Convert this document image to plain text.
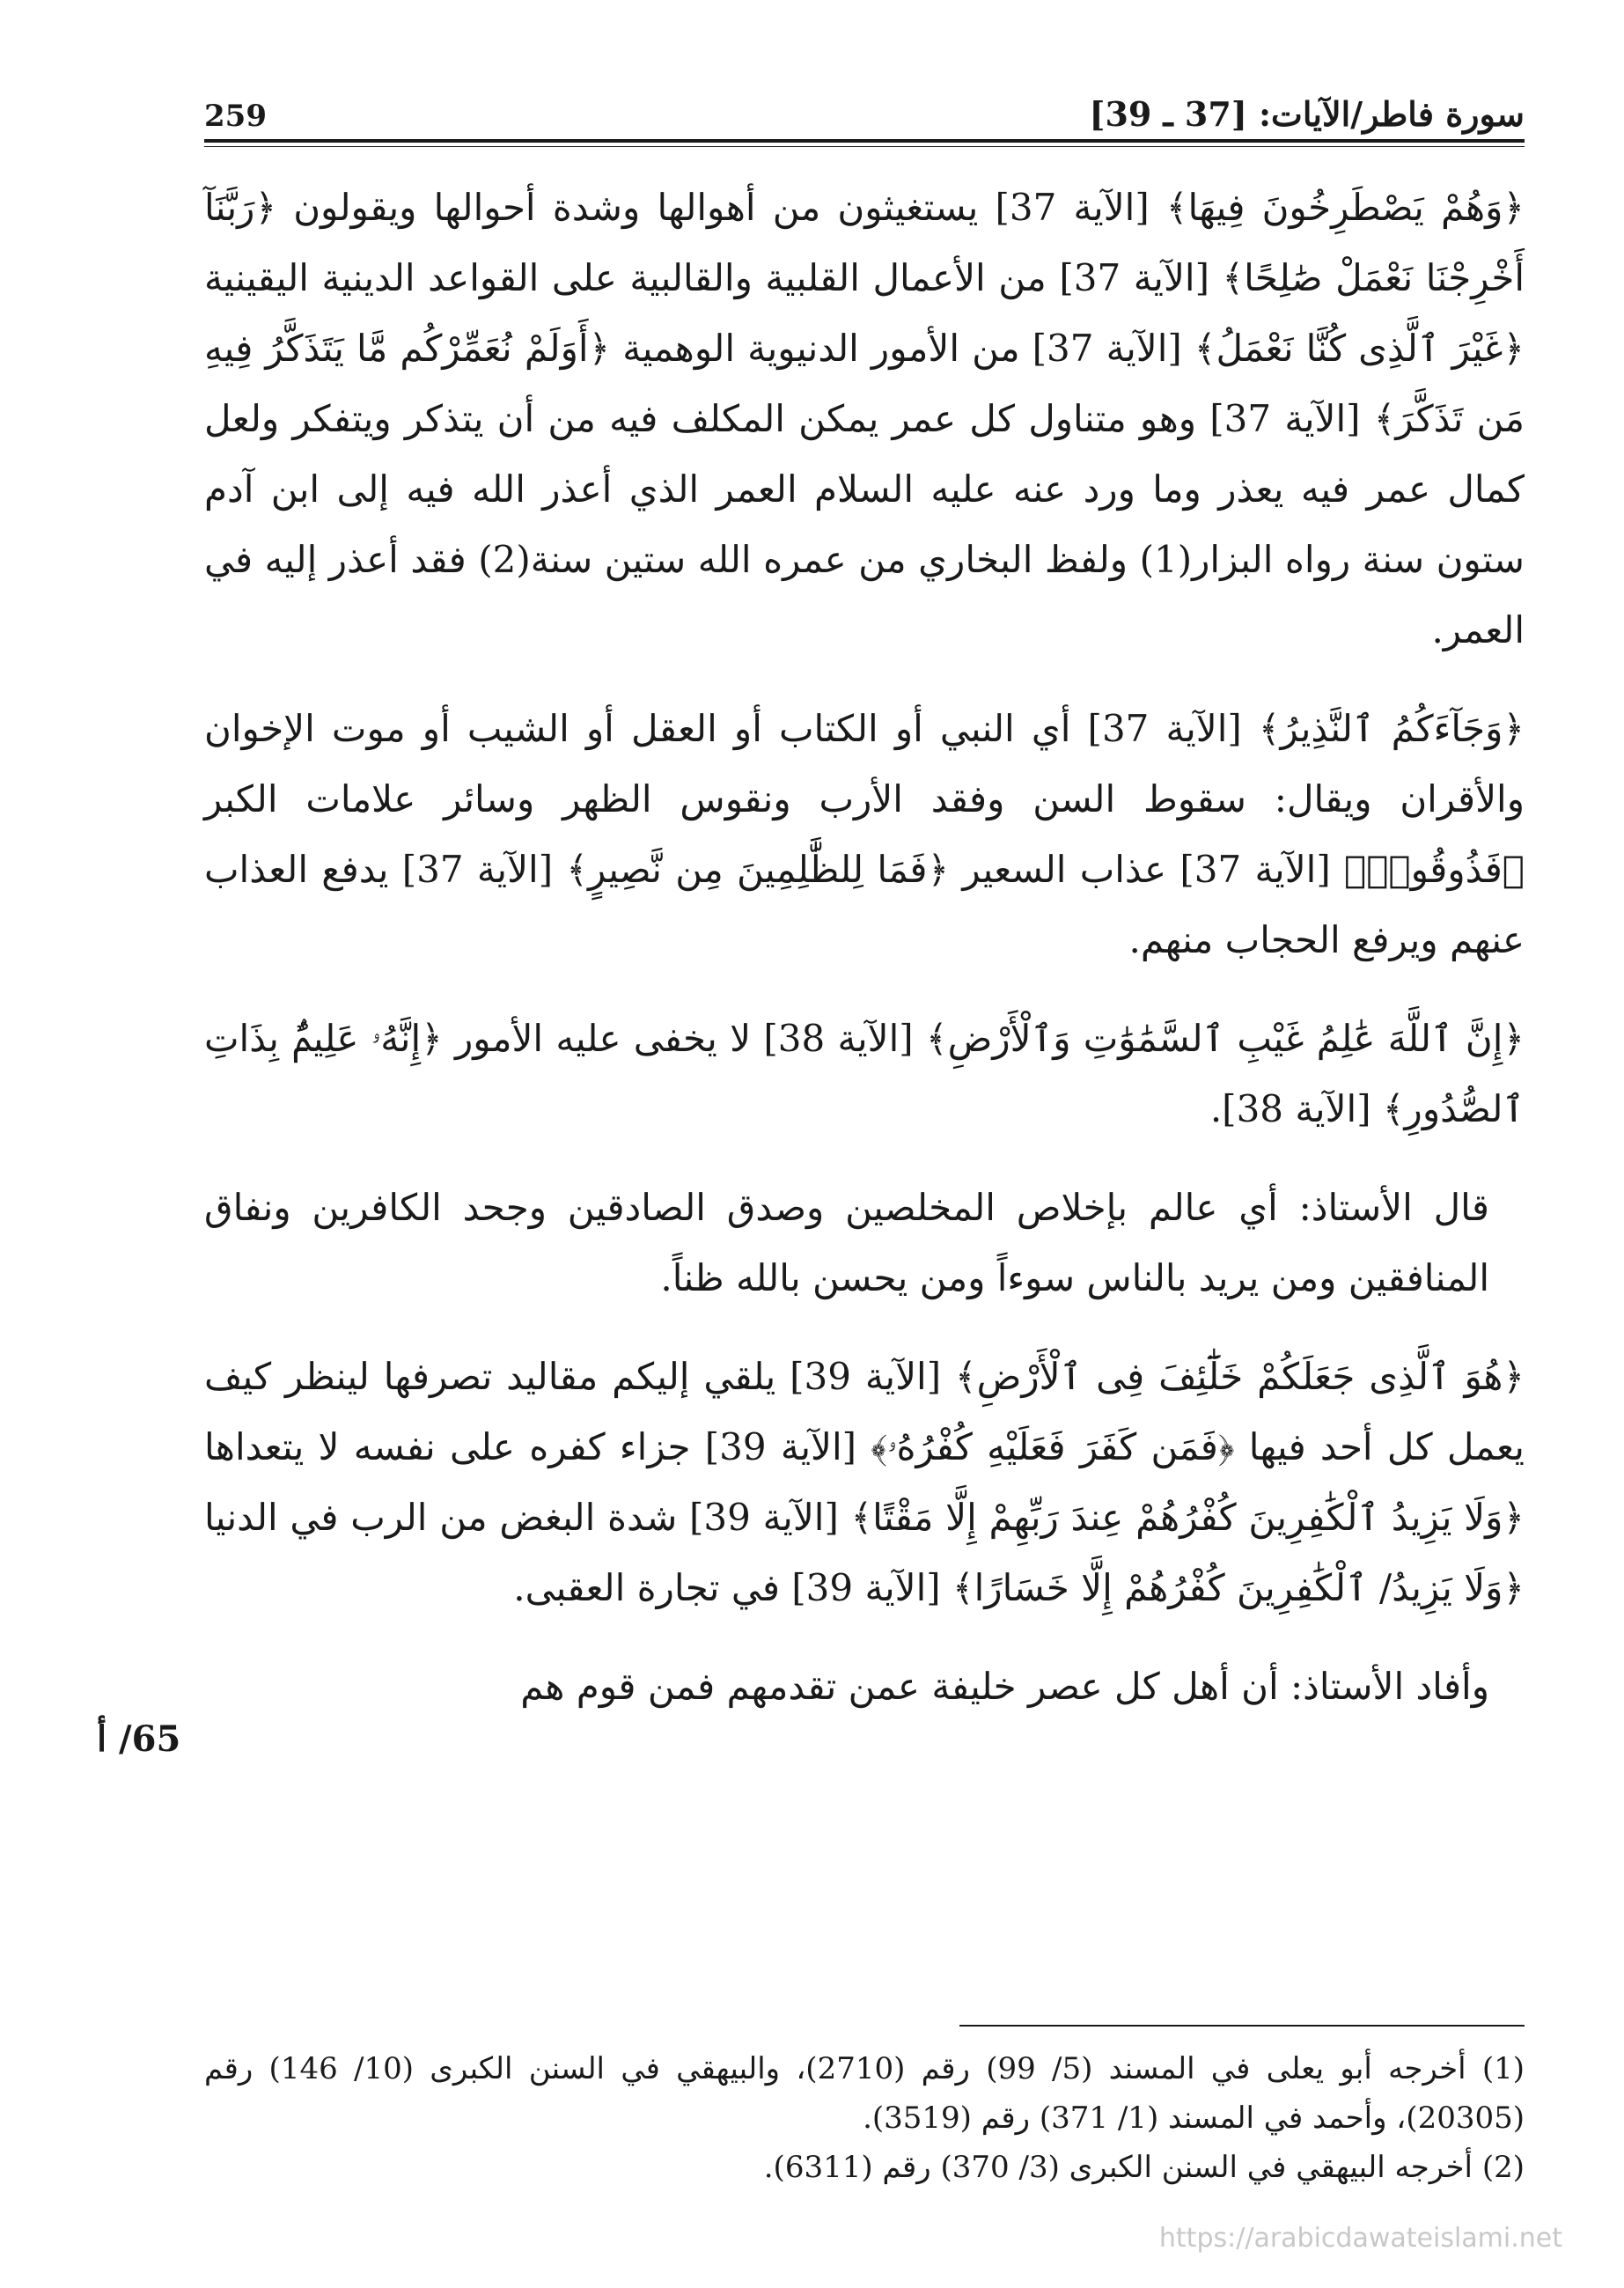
259	سورة فاطر/الآيات: [37 ـ 39]

﴿وَهُمْ يَصْطَرِخُونَ فِيهَا﴾ [الآية 37] يستغيثون من أهوالها وشدة أحوالها ويقولون ﴿رَبَّنَآ أَخْرِجْنَا نَعْمَلْ صَٰلِحًا﴾ [الآية 37] من الأعمال القلبية والقالبية على القواعد الدينية اليقينية ﴿غَيْرَ ٱلَّذِى كُنَّا نَعْمَلُ﴾ [الآية 37] من الأمور الدنيوية الوهمية ﴿أَوَلَمْ نُعَمِّرْكُم مَّا يَتَذَكَّرُ فِيهِ مَن تَذَكَّرَ﴾ [الآية 37] وهو متناول كل عمر يمكن المكلف فيه من أن يتذكر ويتفكر ولعل كمال عمر فيه يعذر وما ورد عنه عليه السلام العمر الذي أعذر الله فيه إلى ابن آدم ستون سنة رواه البزار(1) ولفظ البخاري من عمره الله ستين سنة(2) فقد أعذر إليه في العمر.

﴿وَجَآءَكُمُ ٱلنَّذِيرُ﴾ [الآية 37] أي النبي أو الكتاب أو العقل أو الشيب أو موت الإخوان والأقران ويقال: سقوط السن وفقد الأرب ونقوس الظهر وسائر علامات الكبر ﴿فَذُوقُوا۟﴾ [الآية 37] عذاب السعير ﴿فَمَا لِلظَّٰلِمِينَ مِن نَّصِيرٍ﴾ [الآية 37] يدفع العذاب عنهم ويرفع الحجاب منهم.

﴿إِنَّ ٱللَّهَ عَٰلِمُ غَيْبِ ٱلسَّمَٰوَٰتِ وَٱلْأَرْضِ﴾ [الآية 38] لا يخفى عليه الأمور ﴿إِنَّهُۥ عَلِيمٌۢ بِذَاتِ ٱلصُّدُورِ﴾ [الآية 38].

قال الأستاذ: أي عالم بإخلاص المخلصين وصدق الصادقين وجحد الكافرين ونفاق المنافقين ومن يريد بالناس سوءاً ومن يحسن بالله ظناً.

﴿هُوَ ٱلَّذِى جَعَلَكُمْ خَلَٰٓئِفَ فِى ٱلْأَرْضِ﴾ [الآية 39] يلقي إليكم مقاليد تصرفها لينظر كيف يعمل كل أحد فيها ﴿فَمَن كَفَرَ فَعَلَيْهِ كُفْرُهُۥ﴾ [الآية 39] جزاء كفره على نفسه لا يتعداها ﴿وَلَا يَزِيدُ ٱلْكَٰفِرِينَ كُفْرُهُمْ عِندَ رَبِّهِمْ إِلَّا مَقْتًا﴾ [الآية 39] شدة البغض من الرب في الدنيا ﴿وَلَا يَزِيدُ/ ٱلْكَٰفِرِينَ كُفْرُهُمْ إِلَّا خَسَارًا﴾ [الآية 39] في تجارة العقبى.

وأفاد الأستاذ: أن أهل كل عصر خليفة عمن تقدمهم فمن قوم هم

65/ أ

(1) أخرجه أبو يعلى في المسند (5/ 99) رقم (2710)، والبيهقي في السنن الكبرى (10/ 146) رقم (20305)، وأحمد في المسند (1/ 371) رقم (3519).

(2) أخرجه البيهقي في السنن الكبرى (3/ 370) رقم (6311).

https://arabicdawateislami.net
